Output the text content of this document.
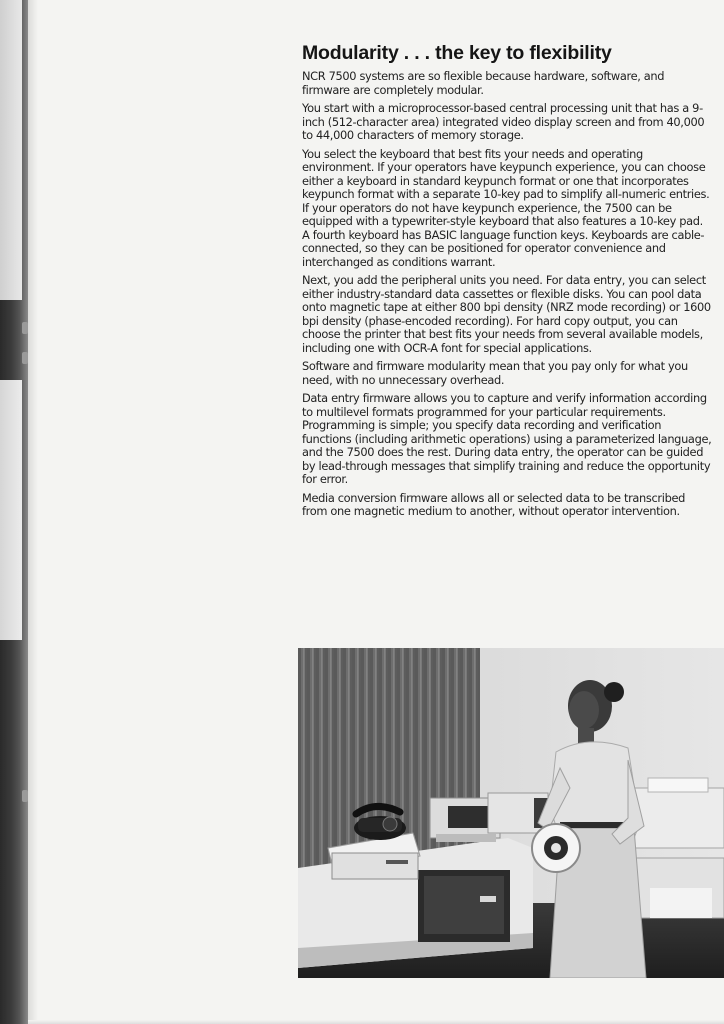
Modularity . . . the key to flexibility

NCR 7500 systems are so flexible because hardware, software, and firmware are completely modular.

You start with a microprocessor-based central processing unit that has a 9-inch (512-character area) integrated video display screen and from 40,000 to 44,000 characters of memory storage.

You select the keyboard that best fits your needs and operating environment. If your operators have keypunch experience, you can choose either a keyboard in standard keypunch format or one that incorporates keypunch format with a separate 10-key pad to simplify all-numeric entries. If your operators do not have keypunch experience, the 7500 can be equipped with a typewriter-style keyboard that also features a 10-key pad. A fourth keyboard has BASIC language function keys. Keyboards are cable-connected, so they can be positioned for operator convenience and interchanged as conditions warrant.

Next, you add the peripheral units you need. For data entry, you can select either industry-standard data cassettes or flexible disks. You can pool data onto magnetic tape at either 800 bpi density (NRZ mode recording) or 1600 bpi density (phase-encoded recording). For hard copy output, you can choose the printer that best fits your needs from several available models, including one with OCR-A font for special applications.

Software and firmware modularity mean that you pay only for what you need, with no unnecessary overhead.

Data entry firmware allows you to capture and verify information according to multilevel formats programmed for your particular requirements. Programming is simple; you specify data recording and verification functions (including arithmetic operations) using a parameterized language, and the 7500 does the rest. During data entry, the operator can be guided by lead-through messages that simplify training and reduce the opportunity for error.

Media conversion firmware allows all or selected data to be transcribed from one magnetic medium to another, without operator intervention.
